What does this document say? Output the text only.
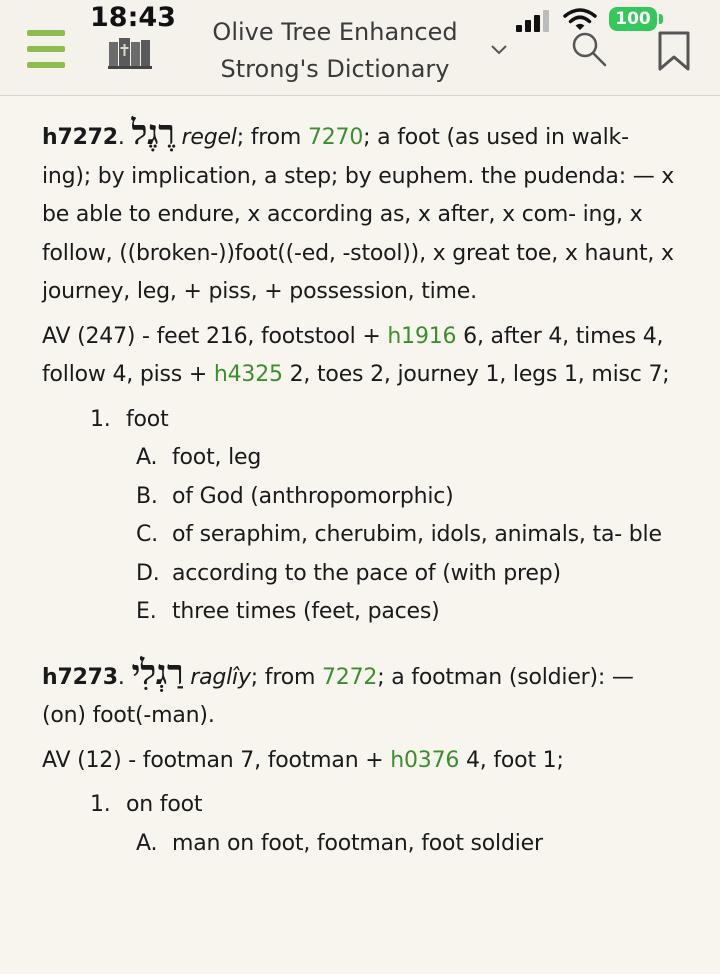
18:43	Olive Tree Enhanced
Strong's Dictionary
100

h7272. רֶגֶל regel; from 7270; a foot (as used in walk- ing); by implication, a step; by euphem. the pudenda: — x be able to endure, x according as, x after, x com- ing, x follow, ((broken-))foot((-ed, -stool)), x great toe, x haunt, x journey, leg, + piss, + possession, time.

AV (247) - feet 216, footstool + h1916 6, after 4, times 4, follow 4, piss + h4325 2, toes 2, journey 1, legs 1, misc 7;

1. foot
A. foot, leg
B. of God (anthropomorphic)
C. of seraphim, cherubim, idols, animals, ta- ble
D. according to the pace of (with prep)
E. three times (feet, paces)

h7273. רַגְלִי raglîy; from 7272; a footman (soldier): — (on) foot(-man).

AV (12) - footman 7, footman + h0376 4, foot 1;

1. on foot
A. man on foot, footman, foot soldier
